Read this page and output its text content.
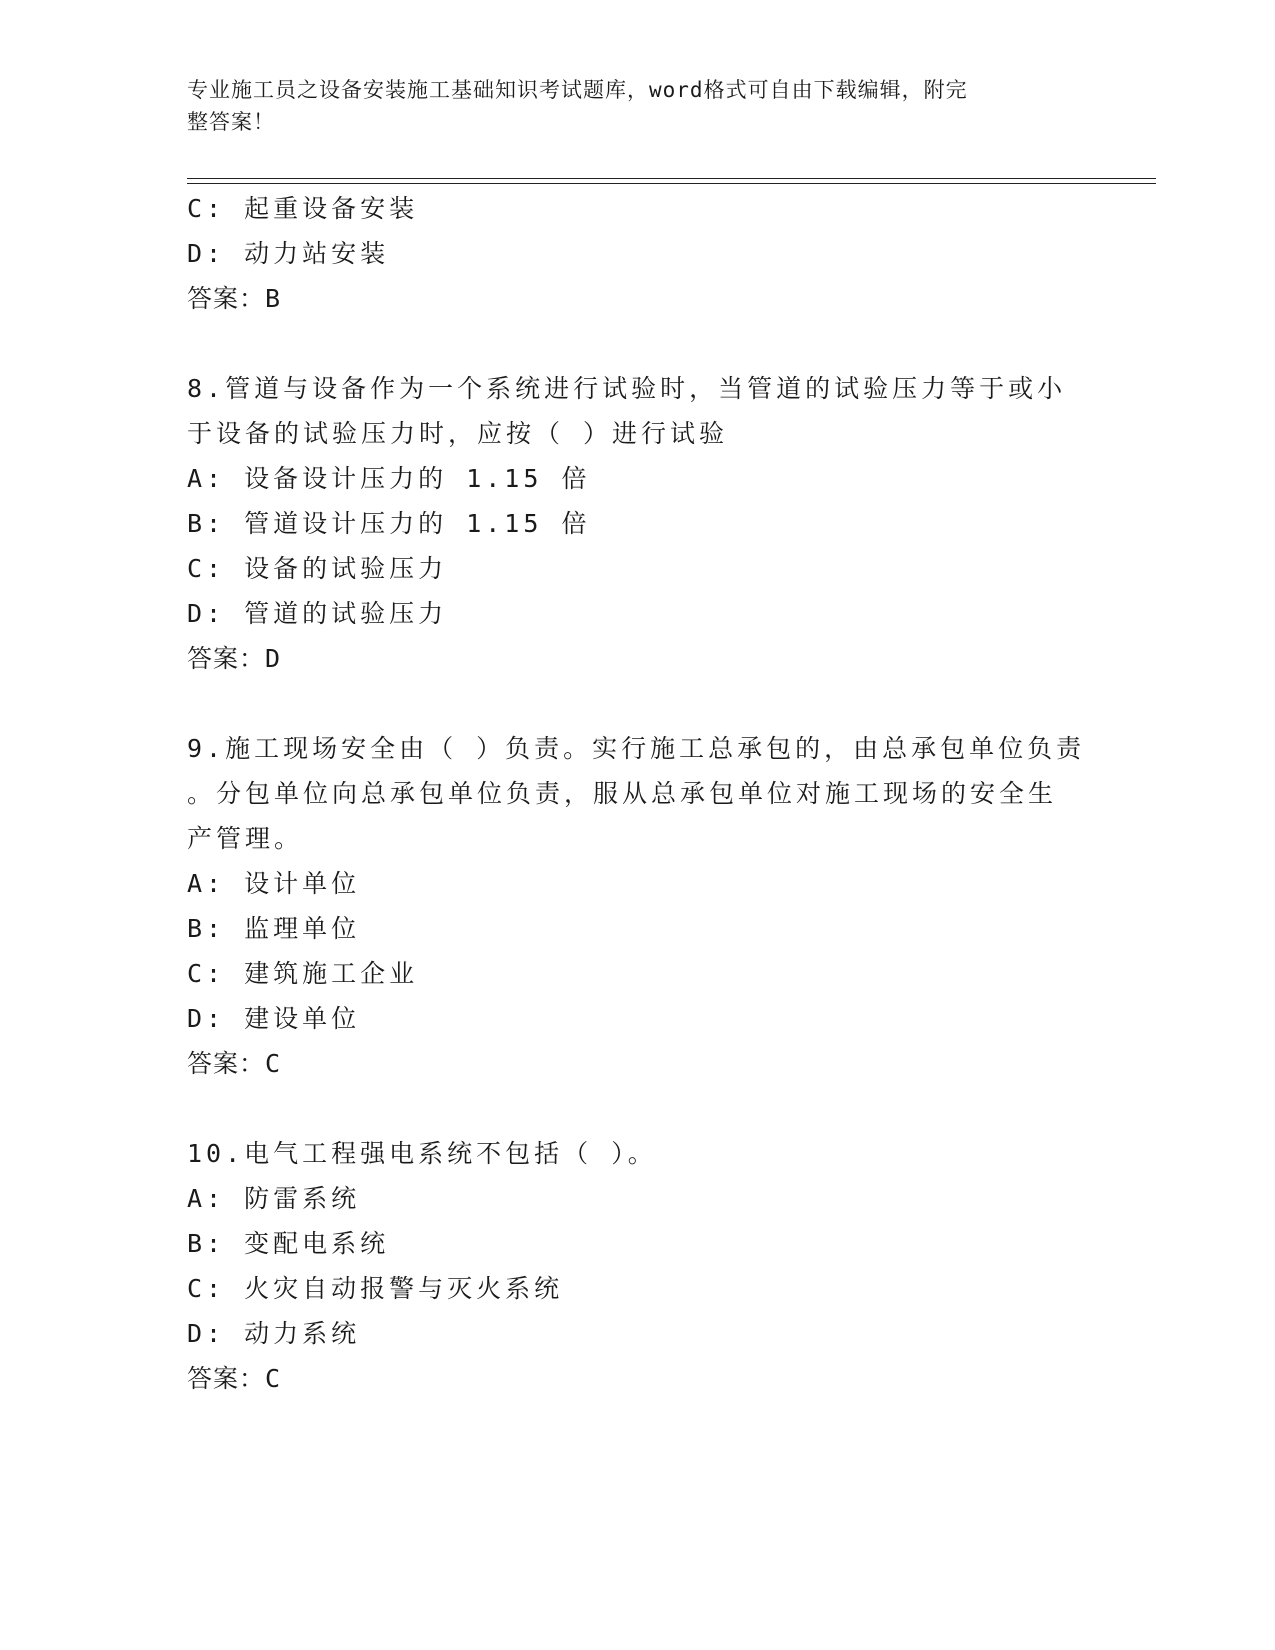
专业施工员之设备安装施工基础知识考试题库，word格式可自由下载编辑，附完
整答案！
C: 起重设备安装
D: 动力站安装
答案：B
8.管道与设备作为一个系统进行试验时，当管道的试验压力等于或小
于设备的试验压力时，应按（ ）进行试验
A: 设备设计压力的 1.15 倍
B: 管道设计压力的 1.15 倍
C: 设备的试验压力
D: 管道的试验压力
答案：D
9.施工现场安全由（ ）负责。实行施工总承包的，由总承包单位负责
。分包单位向总承包单位负责，服从总承包单位对施工现场的安全生
产管理。
A: 设计单位
B: 监理单位
C: 建筑施工企业
D: 建设单位
答案：C
10.电气工程强电系统不包括（ ）。
A: 防雷系统
B: 变配电系统
C: 火灾自动报警与灭火系统
D: 动力系统
答案：C
